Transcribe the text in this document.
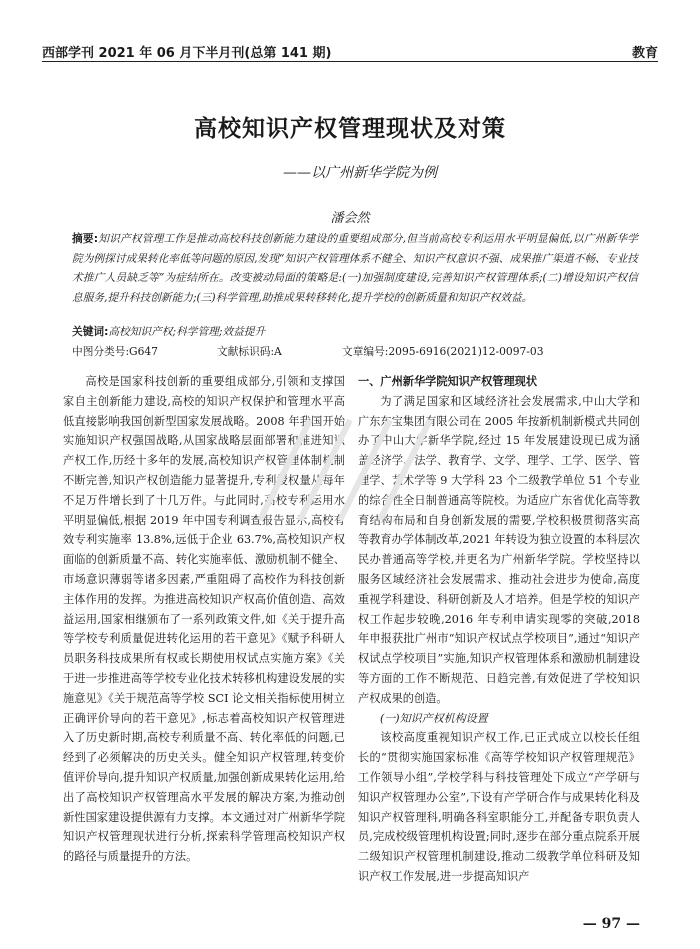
西部学刊 2021 年 06 月下半月刊(总第 141 期)	教育
高校知识产权管理现状及对策
——以广州新华学院为例
潘会然
摘要:知识产权管理工作是推动高校科技创新能力建设的重要组成部分,但当前高校专利运用水平明显偏低,以广州新华学院为例探讨成果转化率低等问题的原因,发现“知识产权管理体系不健全、知识产权意识不强、成果推广渠道不畅、专业技术推广人员缺乏等”为症结所在。改变被动局面的策略是:(一)加强制度建设,完善知识产权管理体系;(二)增设知识产权信息服务,提升科技创新能力;(三)科学管理,助推成果转移转化,提升学校的创新质量和知识产权效益。
关键词:高校知识产权;科学管理;效益提升
中图分类号:G647	文献标识码:A	文章编号:2095-6916(2021)12-0097-03

高校是国家科技创新的重要组成部分,引领和支撑国家自主创新能力建设,高校的知识产权保护和管理水平高低直接影响我国创新型国家发展战略。2008 年我国开始实施知识产权强国战略,从国家战略层面部署和推进知识产权工作,历经十多年的发展,高校知识产权管理体制机制不断完善,知识产权创造能力显著提升,专利授权量从每年不足万件增长到了十几万件。与此同时,高校专利运用水平明显偏低,根据 2019 年中国专利调查报告显示,高校有效专利实施率 13.8%,远低于企业 63.7%,高校知识产权面临的创新质量不高、转化实施率低、激励机制不健全、市场意识薄弱等诸多因素,严重阻碍了高校作为科技创新主体作用的发挥。为推进高校知识产权高价值创造、高效益运用,国家相继颁布了一系列政策文件,如《关于提升高等学校专利质量促进转化运用的若干意见》《赋予科研人员职务科技成果所有权或长期使用权试点实施方案》《关于进一步推进高等学校专业化技术转移机构建设发展的实施意见》《关于规范高等学校 SCI 论文相关指标使用树立正确评价导向的若干意见》,标志着高校知识产权管理进入了历史新时期,高校专利质量不高、转化率低的问题,已经到了必须解决的历史关头。健全知识产权管理,转变价值评价导向,提升知识产权质量,加强创新成果转化运用,给出了高校知识产权管理高水平发展的解决方案,为推动创新性国家建设提供源有力支撑。本文通过对广州新华学院知识产权管理现状进行分析,探索科学管理高校知识产权的路径与质量提升的方法。

一、广州新华学院知识产权管理现状

为了满足国家和区域经济社会发展需求,中山大学和广东东宝集团有限公司在 2005 年按新机制新模式共同创办了中山大学新华学院,经过 15 年发展建设现已成为涵盖经济学、法学、教育学、文学、理学、工学、医学、管理学、艺术学等 9 大学科 23 个二级教学单位 51 个专业的综合性全日制普通高等院校。为适应广东省优化高等教育结构布局和自身创新发展的需要,学校积极贯彻落实高等教育办学体制改革,2021 年转设为独立设置的本科层次民办普通高等学校,并更名为广州新华学院。学校坚持以服务区域经济社会发展需求、推动社会进步为使命,高度重视学科建设、科研创新及人才培养。但是学校的知识产权工作起步较晚,2016 年专利申请实现零的突破,2018 年申报获批广州市“知识产权试点学校项目”,通过“知识产权试点学校项目”实施,知识产权管理体系和激励机制建设等方面的工作不断规范、日趋完善,有效促进了学校知识产权成果的创造。

(一)知识产权机构设置

该校高度重视知识产权工作,已正式成立以校长任组长的“贯彻实施国家标准《高等学校知识产权管理规范》工作领导小组”,学校学科与科技管理处下成立“产学研与知识产权管理办公室”,下设有产学研合作与成果转化科及知识产权管理科,明确各科室职能分工,并配备专职负责人员,完成校级管理机构设置;同时,逐步在部分重点院系开展二级知识产权管理机制建设,推动二级教学单位科研及知识产权工作发展,进一步提高知识产

— 97 —
